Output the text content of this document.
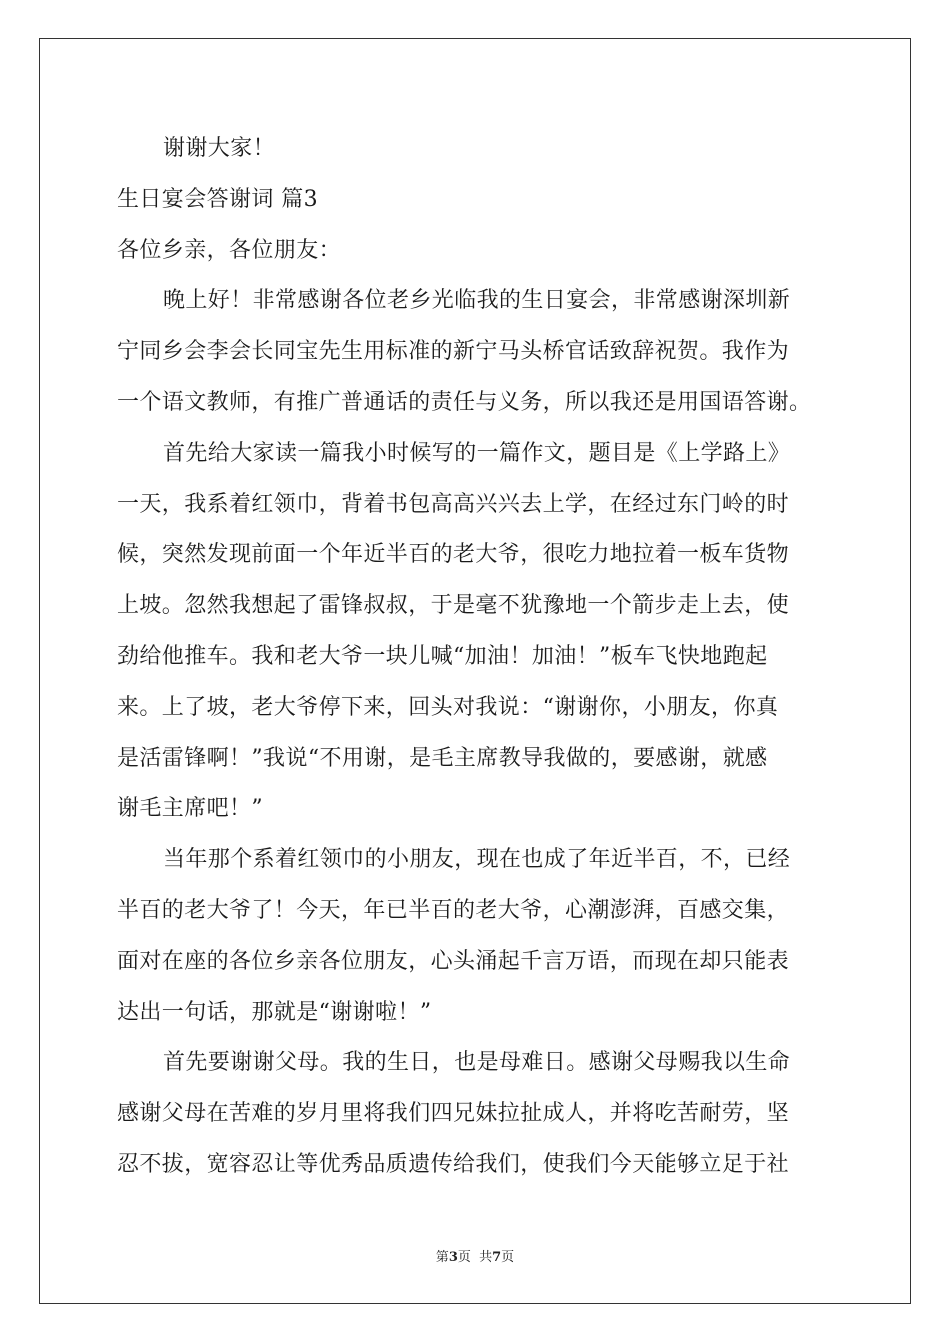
谢谢大家！
生日宴会答谢词 篇3
各位乡亲，各位朋友：
晚上好！非常感谢各位老乡光临我的生日宴会，非常感谢深圳新
宁同乡会李会长同宝先生用标准的新宁马头桥官话致辞祝贺。我作为
一个语文教师，有推广普通话的责任与义务，所以我还是用国语答谢。
首先给大家读一篇我小时候写的一篇作文，题目是《上学路上》
一天，我系着红领巾，背着书包高高兴兴去上学，在经过东门岭的时
候，突然发现前面一个年近半百的老大爷，很吃力地拉着一板车货物
上坡。忽然我想起了雷锋叔叔，于是毫不犹豫地一个箭步走上去，使
劲给他推车。我和老大爷一块儿喊“加油！加油！”板车飞快地跑起
来。上了坡，老大爷停下来，回头对我说：“谢谢你，小朋友，你真
是活雷锋啊！”我说“不用谢，是毛主席教导我做的，要感谢，就感
谢毛主席吧！”
当年那个系着红领巾的小朋友，现在也成了年近半百，不，已经
半百的老大爷了！今天，年已半百的老大爷，心潮澎湃，百感交集，
面对在座的各位乡亲各位朋友，心头涌起千言万语，而现在却只能表
达出一句话，那就是“谢谢啦！”
首先要谢谢父母。我的生日，也是母难日。感谢父母赐我以生命
感谢父母在苦难的岁月里将我们四兄妹拉扯成人，并将吃苦耐劳，坚
忍不拔，宽容忍让等优秀品质遗传给我们，使我们今天能够立足于社
第3页  共7页
